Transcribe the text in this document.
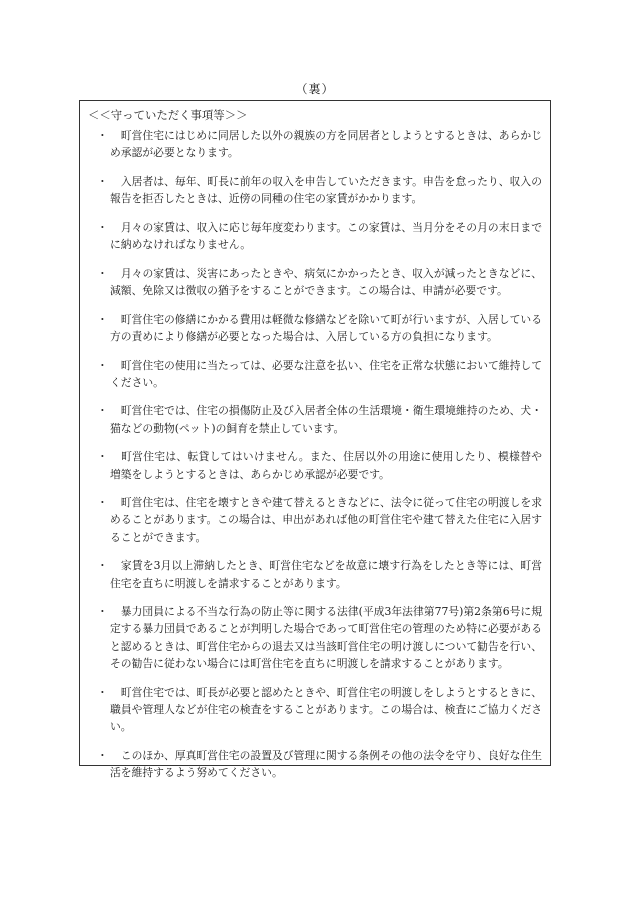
（裏）
＜＜守っていただく事項等＞＞
・ 　町営住宅にはじめに同居した以外の親族の方を同居者としようとするときは、あらかじめ承認が必要となります。
・ 　入居者は、毎年、町長に前年の収入を申告していただきます。申告を怠ったり、収入の報告を拒否したときは、近傍の同種の住宅の家賃がかかります。
・ 　月々の家賃は、収入に応じ毎年度変わります。この家賃は、当月分をその月の末日までに納めなければなりません。
・ 　月々の家賃は、災害にあったときや、病気にかかったとき、収入が減ったときなどに、減額、免除又は徴収の猶予をすることができます。この場合は、申請が必要です。
・ 　町営住宅の修繕にかかる費用は軽微な修繕などを除いて町が行いますが、入居している方の責めにより修繕が必要となった場合は、入居している方の負担になります。
・ 　町営住宅の使用に当たっては、必要な注意を払い、住宅を正常な状態において維持してください。
・ 　町営住宅では、住宅の損傷防止及び入居者全体の生活環境・衛生環境維持のため、犬・猫などの動物(ペット)の飼育を禁止しています。
・ 　町営住宅は、転貸してはいけません。また、住居以外の用途に使用したり、模様替や増築をしようとするときは、あらかじめ承認が必要です。
・ 　町営住宅は、住宅を壊すときや建て替えるときなどに、法令に従って住宅の明渡しを求めることがあります。この場合は、申出があれば他の町営住宅や建て替えた住宅に入居することができます。
・ 　家賃を3月以上滞納したとき、町営住宅などを故意に壊す行為をしたとき等には、町営住宅を直ちに明渡しを請求することがあります。
・ 　暴力団員による不当な行為の防止等に関する法律(平成3年法律第77号)第2条第6号に規定する暴力団員であることが判明した場合であって町営住宅の管理のため特に必要があると認めるときは、町営住宅からの退去又は当該町営住宅の明け渡しについて勧告を行い、その勧告に従わない場合には町営住宅を直ちに明渡しを請求することがあります。
・ 　町営住宅では、町長が必要と認めたときや、町営住宅の明渡しをしようとするときに、職員や管理人などが住宅の検査をすることがあります。この場合は、検査にご協力ください。
・ 　このほか、厚真町営住宅の設置及び管理に関する条例その他の法令を守り、良好な住生活を維持するよう努めてください。
